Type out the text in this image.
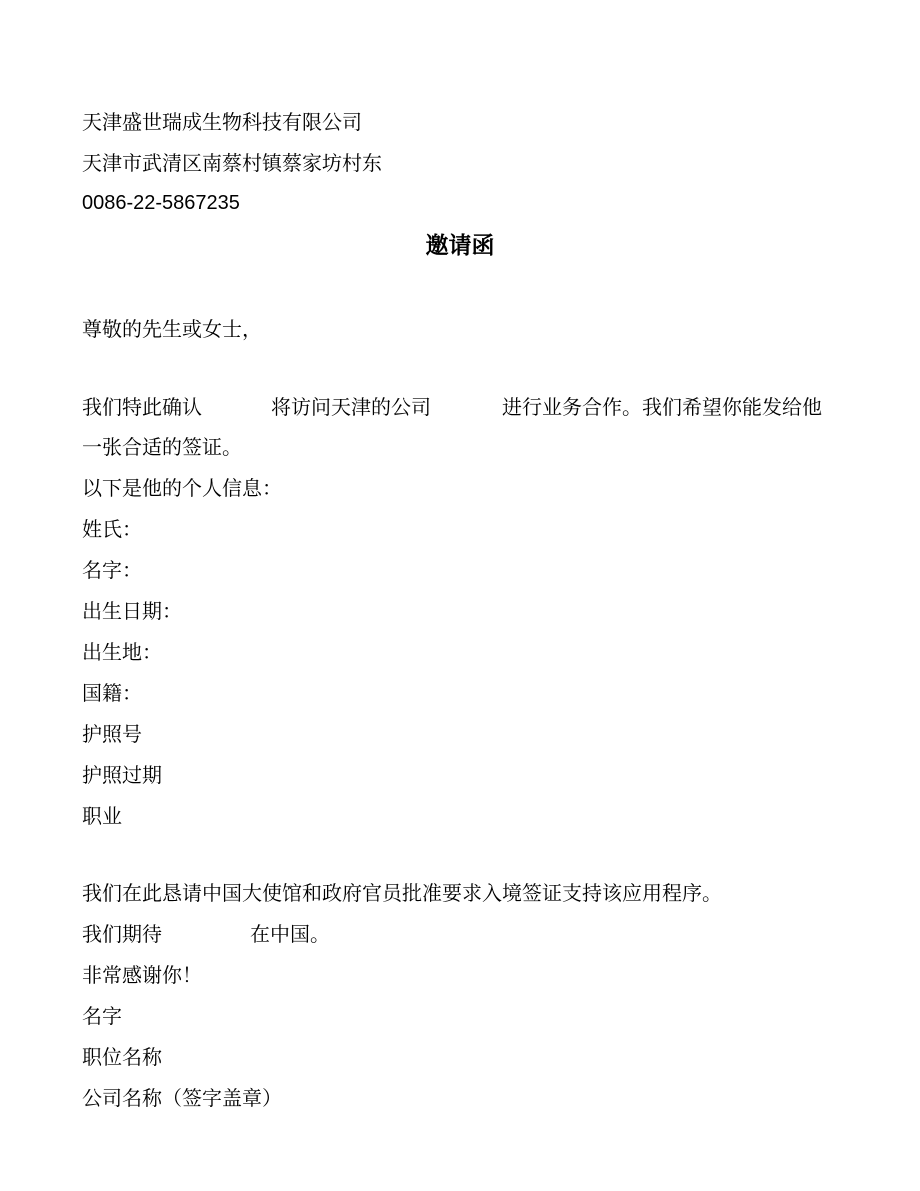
天津盛世瑞成生物科技有限公司
天津市武清区南蔡村镇蔡家坊村东
0086-22-5867235
邀请函
尊敬的先生或女士，
我们特此确认	将访问天津的公司	进行业务合作。我们希望你能发给他
一张合适的签证。
以下是他的个人信息：
姓氏：
名字：
出生日期：
出生地：
国籍：
护照号
护照过期
职业
我们在此恳请中国大使馆和政府官员批准要求入境签证支持该应用程序。
我们期待	在中国。
非常感谢你！
名字
职位名称
公司名称（签字盖章）
